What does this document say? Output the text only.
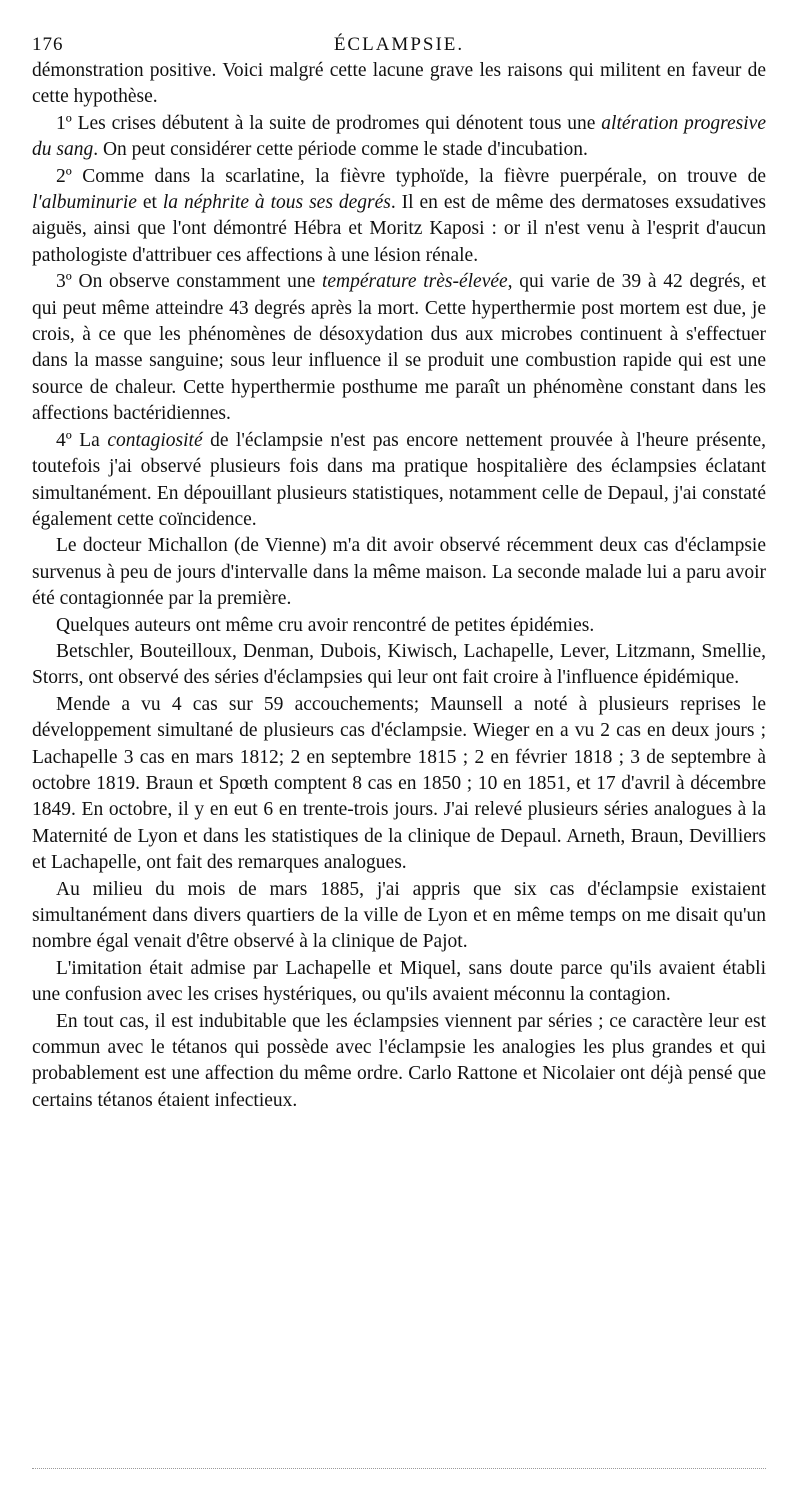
176	ÉCLAMPSIE.

démonstration positive. Voici malgré cette lacune grave les raisons qui militent en faveur de cette hypothèse.

1º Les crises débutent à la suite de prodromes qui dénotent tous une altération progresive du sang. On peut considérer cette période comme le stade d'incubation.

2º Comme dans la scarlatine, la fièvre typhoïde, la fièvre puerpérale, on trouve de l'albuminurie et la néphrite à tous ses degrés. Il en est de même des dermatoses exsudatives aiguës, ainsi que l'ont démontré Hébra et Moritz Kaposi : or il n'est venu à l'esprit d'aucun pathologiste d'attribuer ces affections à une lésion rénale.

3º On observe constamment une température très-élevée, qui varie de 39 à 42 degrés, et qui peut même atteindre 43 degrés après la mort. Cette hyperthermie post mortem est due, je crois, à ce que les phénomènes de désoxydation dus aux microbes continuent à s'effectuer dans la masse sanguine; sous leur influence il se produit une combustion rapide qui est une source de chaleur. Cette hyperthermie posthume me paraît un phénomène constant dans les affections bactéridiennes.

4º La contagiosité de l'éclampsie n'est pas encore nettement prouvée à l'heure présente, toutefois j'ai observé plusieurs fois dans ma pratique hospitalière des éclampsies éclatant simultanément. En dépouillant plusieurs statistiques, notamment celle de Depaul, j'ai constaté également cette coïncidence.

Le docteur Michallon (de Vienne) m'a dit avoir observé récemment deux cas d'éclampsie survenus à peu de jours d'intervalle dans la même maison. La seconde malade lui a paru avoir été contagionnée par la première.

Quelques auteurs ont même cru avoir rencontré de petites épidémies.

Betschler, Bouteilloux, Denman, Dubois, Kiwisch, Lachapelle, Lever, Litzmann, Smellie, Storrs, ont observé des séries d'éclampsies qui leur ont fait croire à l'influence épidémique.

Mende a vu 4 cas sur 59 accouchements; Maunsell a noté à plusieurs reprises le développement simultané de plusieurs cas d'éclampsie. Wieger en a vu 2 cas en deux jours ; Lachapelle 3 cas en mars 1812; 2 en septembre 1815 ; 2 en février 1818 ; 3 de septembre à octobre 1819. Braun et Spœth comptent 8 cas en 1850 ; 10 en 1851, et 17 d'avril à décembre 1849. En octobre, il y en eut 6 en trente-trois jours. J'ai relevé plusieurs séries analogues à la Maternité de Lyon et dans les statistiques de la clinique de Depaul. Arneth, Braun, Devilliers et Lachapelle, ont fait des remarques analogues.

Au milieu du mois de mars 1885, j'ai appris que six cas d'éclampsie existaient simultanément dans divers quartiers de la ville de Lyon et en même temps on me disait qu'un nombre égal venait d'être observé à la clinique de Pajot.

L'imitation était admise par Lachapelle et Miquel, sans doute parce qu'ils avaient établi une confusion avec les crises hystériques, ou qu'ils avaient méconnu la contagion.

En tout cas, il est indubitable que les éclampsies viennent par séries ; ce caractère leur est commun avec le tétanos qui possède avec l'éclampsie les analogies les plus grandes et qui probablement est une affection du même ordre. Carlo Rattone et Nicolaier ont déjà pensé que certains tétanos étaient infectieux.
